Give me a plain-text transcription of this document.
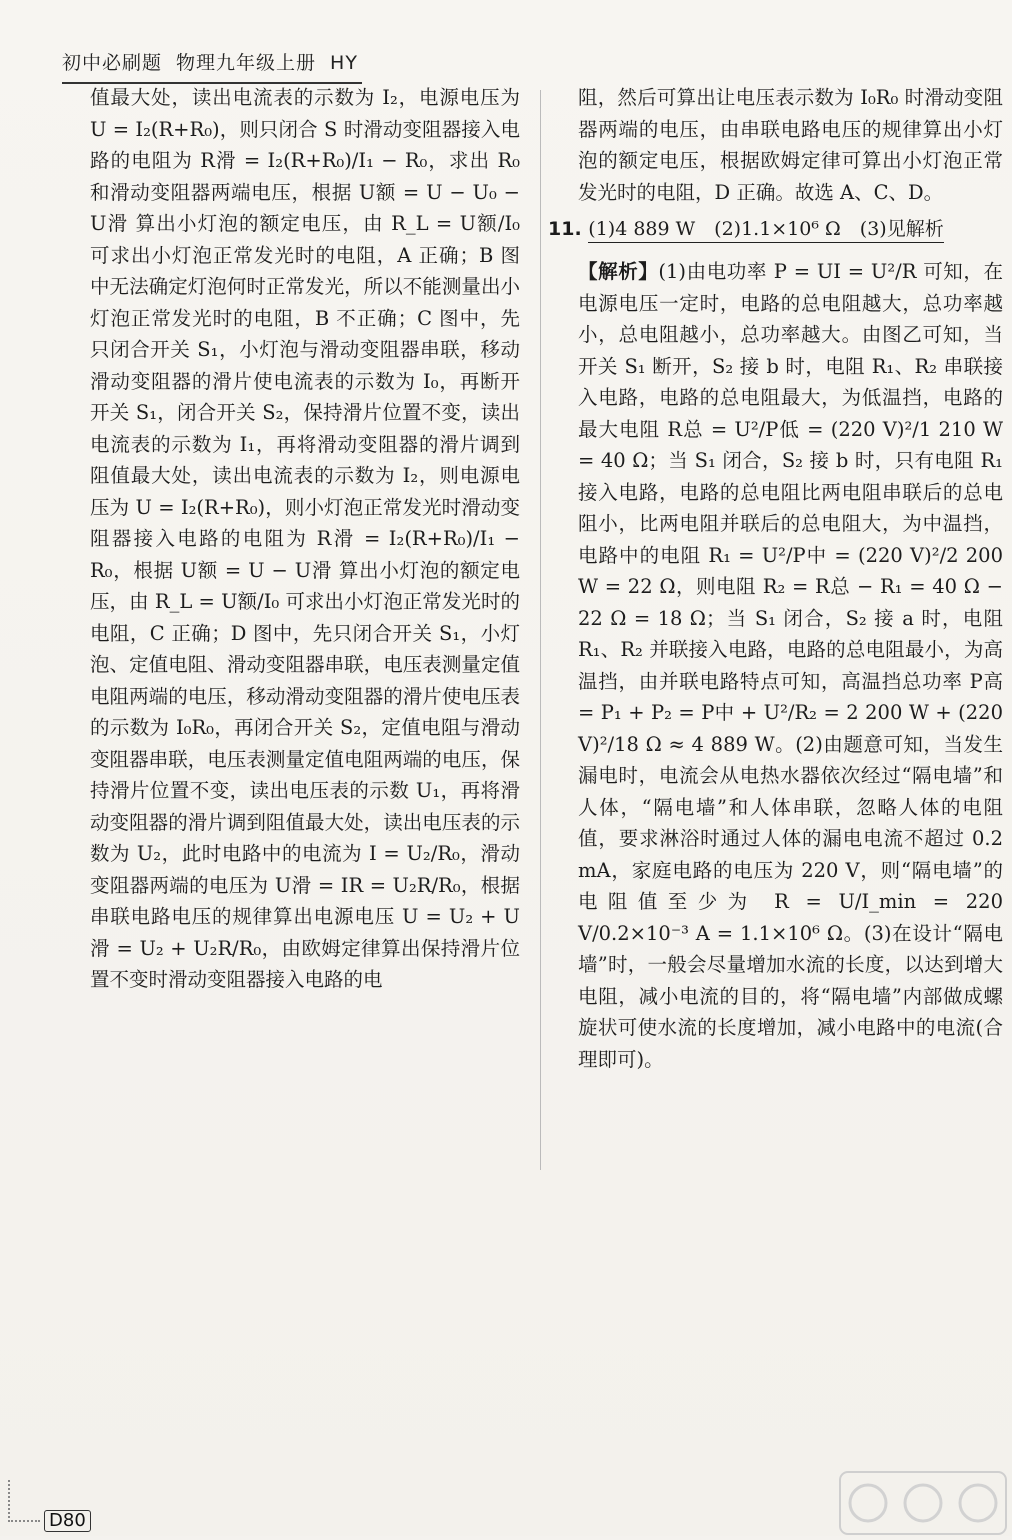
初中必刷题 物理九年级上册 HY

值最大处，读出电流表的示数为 I₂，电源电压为 U = I₂(R+R₀)，则只闭合 S 时滑动变阻器接入电路的电阻为 R滑 = I₂(R+R₀)/I₁ − R₀，求出 R₀ 和滑动变阻器两端电压，根据 U额 = U − U₀ − U滑 算出小灯泡的额定电压，由 R_L = U额/I₀ 可求出小灯泡正常发光时的电阻，A 正确；B 图中无法确定灯泡何时正常发光，所以不能测量出小灯泡正常发光时的电阻，B 不正确；C 图中，先只闭合开关 S₁，小灯泡与滑动变阻器串联，移动滑动变阻器的滑片使电流表的示数为 I₀，再断开开关 S₁，闭合开关 S₂，保持滑片位置不变，读出电流表的示数为 I₁，再将滑动变阻器的滑片调到阻值最大处，读出电流表的示数为 I₂，则电源电压为 U = I₂(R+R₀)，则小灯泡正常发光时滑动变阻器接入电路的电阻为 R滑 = I₂(R+R₀)/I₁ − R₀，根据 U额 = U − U滑 算出小灯泡的额定电压，由 R_L = U额/I₀ 可求出小灯泡正常发光时的电阻，C 正确；D 图中，先只闭合开关 S₁，小灯泡、定值电阻、滑动变阻器串联，电压表测量定值电阻两端的电压，移动滑动变阻器的滑片使电压表的示数为 I₀R₀，再闭合开关 S₂，定值电阻与滑动变阻器串联，电压表测量定值电阻两端的电压，保持滑片位置不变，读出电压表的示数 U₁，再将滑动变阻器的滑片调到阻值最大处，读出电压表的示数为 U₂，此时电路中的电流为 I = U₂/R₀，滑动变阻器两端的电压为 U滑 = IR = U₂R/R₀，根据串联电路电压的规律算出电源电压 U = U₂ + U滑 = U₂ + U₂R/R₀，由欧姆定律算出保持滑片位置不变时滑动变阻器接入电路的电

阻，然后可算出让电压表示数为 I₀R₀ 时滑动变阻器两端的电压，由串联电路电压的规律算出小灯泡的额定电压，根据欧姆定律可算出小灯泡正常发光时的电阻，D 正确。故选 A、C、D。

11. (1)4 889 W　(2)1.1×10⁶ Ω　(3)见解析

【解析】(1)由电功率 P = UI = U²/R 可知，在电源电压一定时，电路的总电阻越大，总功率越小，总电阻越小，总功率越大。由图乙可知，当开关 S₁ 断开，S₂ 接 b 时，电阻 R₁、R₂ 串联接入电路，电路的总电阻最大，为低温挡，电路的最大电阻 R总 = U²/P低 = (220 V)²/1 210 W = 40 Ω；当 S₁ 闭合，S₂ 接 b 时，只有电阻 R₁ 接入电路，电路的总电阻比两电阻串联后的总电阻小，比两电阻并联后的总电阻大，为中温挡，电路中的电阻 R₁ = U²/P中 = (220 V)²/2 200 W = 22 Ω，则电阻 R₂ = R总 − R₁ = 40 Ω − 22 Ω = 18 Ω；当 S₁ 闭合，S₂ 接 a 时，电阻 R₁、R₂ 并联接入电路，电路的总电阻最小，为高温挡，由并联电路特点可知，高温挡总功率 P高 = P₁ + P₂ = P中 + U²/R₂ = 2 200 W + (220 V)²/18 Ω ≈ 4 889 W。(2)由题意可知，当发生漏电时，电流会从电热水器依次经过“隔电墙”和人体，“隔电墙”和人体串联，忽略人体的电阻值，要求淋浴时通过人体的漏电电流不超过 0.2 mA，家庭电路的电压为 220 V，则“隔电墙”的电阻值至少为 R = U/I_min = 220 V/0.2×10⁻³ A = 1.1×10⁶ Ω。(3)在设计“隔电墙”时，一般会尽量增加水流的长度，以达到增大电阻，减小电流的目的，将“隔电墙”内部做成螺旋状可使水流的长度增加，减小电路中的电流(合理即可)。

D80
